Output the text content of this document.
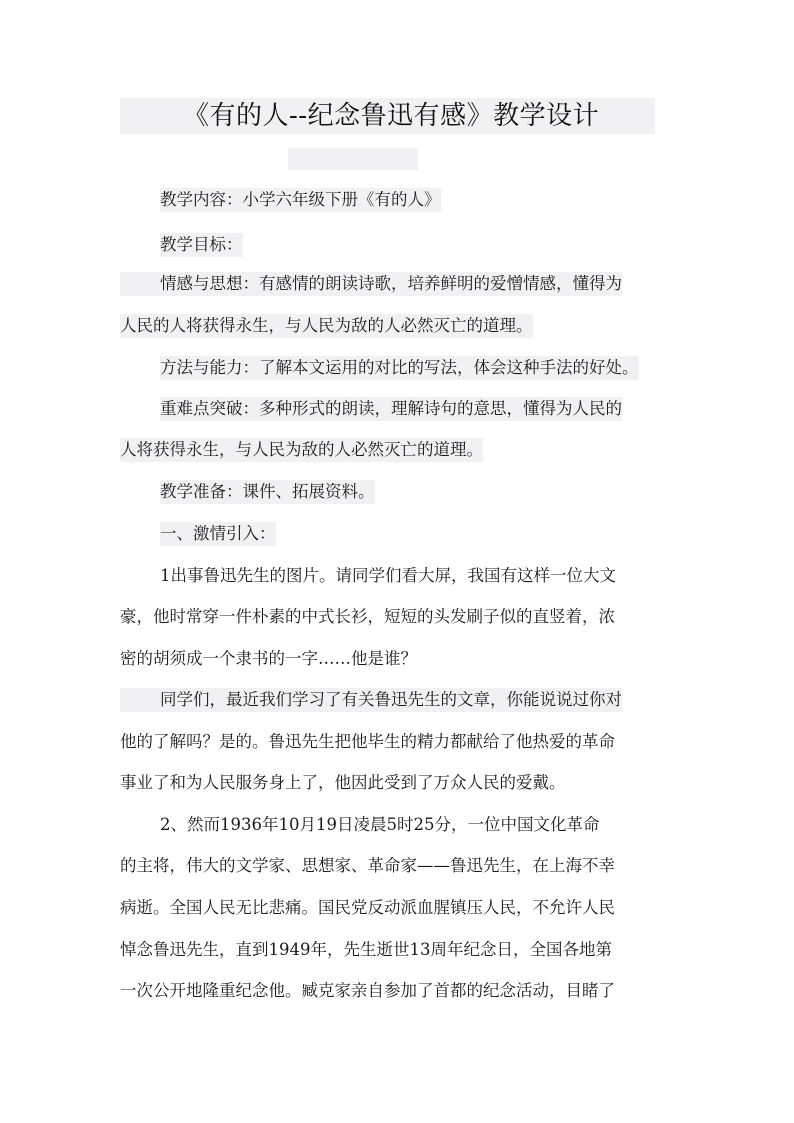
《有的人--纪念鲁迅有感》教学设计
教学内容：小学六年级下册《有的人》
教学目标：
情感与思想：有感情的朗读诗歌，培养鲜明的爱憎情感，懂得为
人民的人将获得永生，与人民为敌的人必然灭亡的道理。
方法与能力：了解本文运用的对比的写法，体会这种手法的好处。
重难点突破：多种形式的朗读，理解诗句的意思，懂得为人民的
人将获得永生，与人民为敌的人必然灭亡的道理。
教学准备：课件、拓展资料。
一、激情引入：
1出事鲁迅先生的图片。请同学们看大屏，我国有这样一位大文
豪，他时常穿一件朴素的中式长衫，短短的头发刷子似的直竖着，浓
密的胡须成一个隶书的一字……他是谁？
同学们，最近我们学习了有关鲁迅先生的文章，你能说说过你对
他的了解吗？是的。鲁迅先生把他毕生的精力都献给了他热爱的革命
事业了和为人民服务身上了，他因此受到了万众人民的爱戴。
2、然而1936年10月19日凌晨5时25分，一位中国文化革命
的主将，伟大的文学家、思想家、革命家——鲁迅先生，在上海不幸
病逝。全国人民无比悲痛。国民党反动派血腥镇压人民，不允许人民
悼念鲁迅先生，直到1949年，先生逝世13周年纪念日，全国各地第
一次公开地隆重纪念他。臧克家亲自参加了首都的纪念活动，目睹了
